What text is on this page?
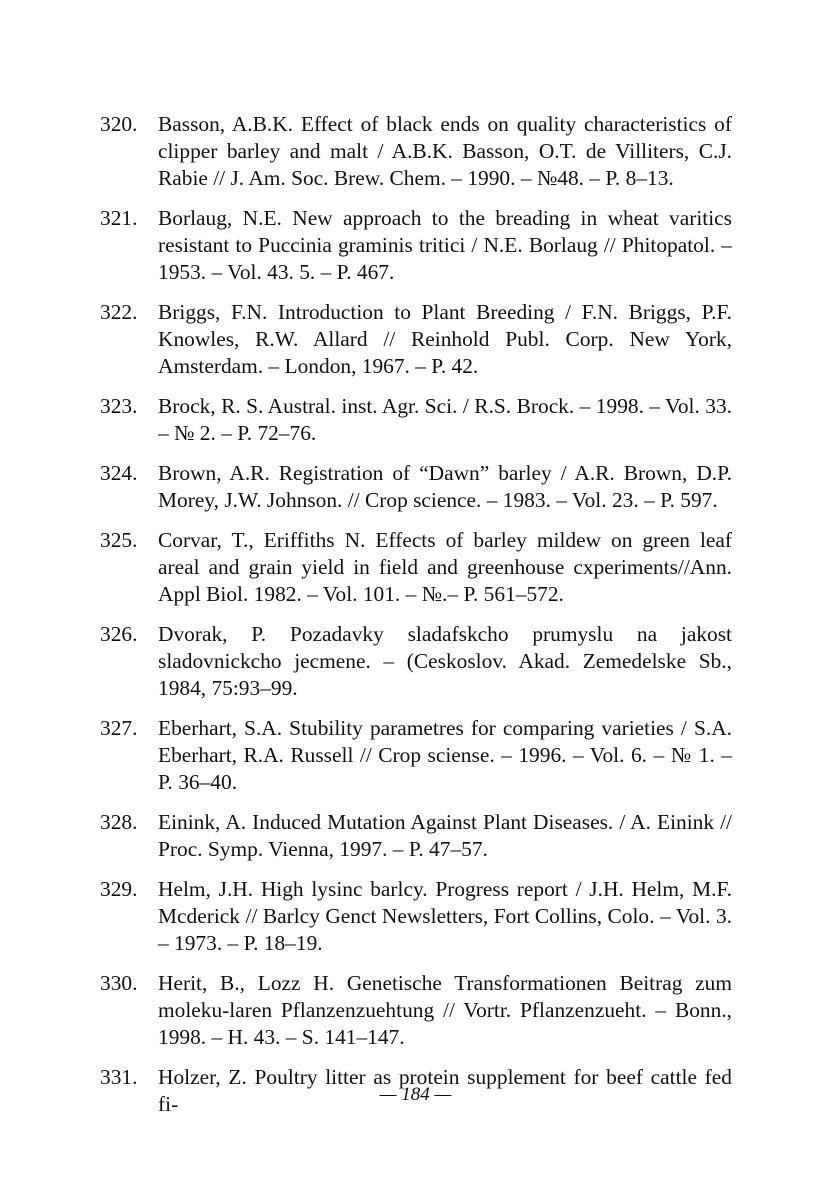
320. Basson, A.B.K. Effect of black ends on quality characteristics of clipper barley and malt / A.B.K. Basson, O.T. de Villiters, C.J. Rabie // J. Am. Soc. Brew. Chem. – 1990. – №48. – P. 8–13.
321. Borlaug, N.E. New approach to the breading in wheat varitics resistant to Puccinia graminis tritici / N.E. Borlaug // Phitopatol. – 1953. – Vol. 43. 5. – P. 467.
322. Briggs, F.N. Introduction to Plant Breeding / F.N. Briggs, P.F. Knowles, R.W. Allard // Reinhold Publ. Corp. New York, Amsterdam. – London, 1967. – P. 42.
323. Brock, R. S. Austral. inst. Agr. Sci. / R.S. Brock. – 1998. – Vol. 33. – № 2. – P. 72–76.
324. Brown, A.R. Registration of “Dawn” barley / A.R. Brown, D.P. Morey, J.W. Johnson. // Crop science. – 1983. – Vol. 23. – P. 597.
325. Corvar, T., Eriffiths N. Effects of barley mildew on green leaf areal and grain yield in field and greenhouse cxperiments//Ann. Appl Biol. 1982. – Vol. 101. – №.– P. 561–572.
326. Dvorak, P. Pozadavky sladafskcho prumyslu na jakost sladovnickcho jecmene. – (Ceskoslov. Akad. Zemedelske Sb., 1984, 75:93–99.
327. Eberhart, S.A. Stubility parametres for comparing varieties / S.A. Eberhart, R.A. Russell // Crop sciense. – 1996. – Vol. 6. – № 1. – P. 36–40.
328. Einink, A. Induced Mutation Against Plant Diseases. / A. Einink // Proc. Symp. Vienna, 1997. – P. 47–57.
329. Helm, J.H. High lysinc barlcy. Progress report / J.H. Helm, M.F. Mcderick // Barlcy Genct Newsletters, Fort Collins, Colo. – Vol. 3. – 1973. – P. 18–19.
330. Herit, B., Lozz H. Genetische Transformationen Beitrag zum moleku-laren Pflanzenzuehtung // Vortr. Pflanzenzueht. – Bonn., 1998. – H. 43. – S. 141–147.
331. Holzer, Z. Poultry litter as protein supplement for beef cattle fed fi-	— 184 —
